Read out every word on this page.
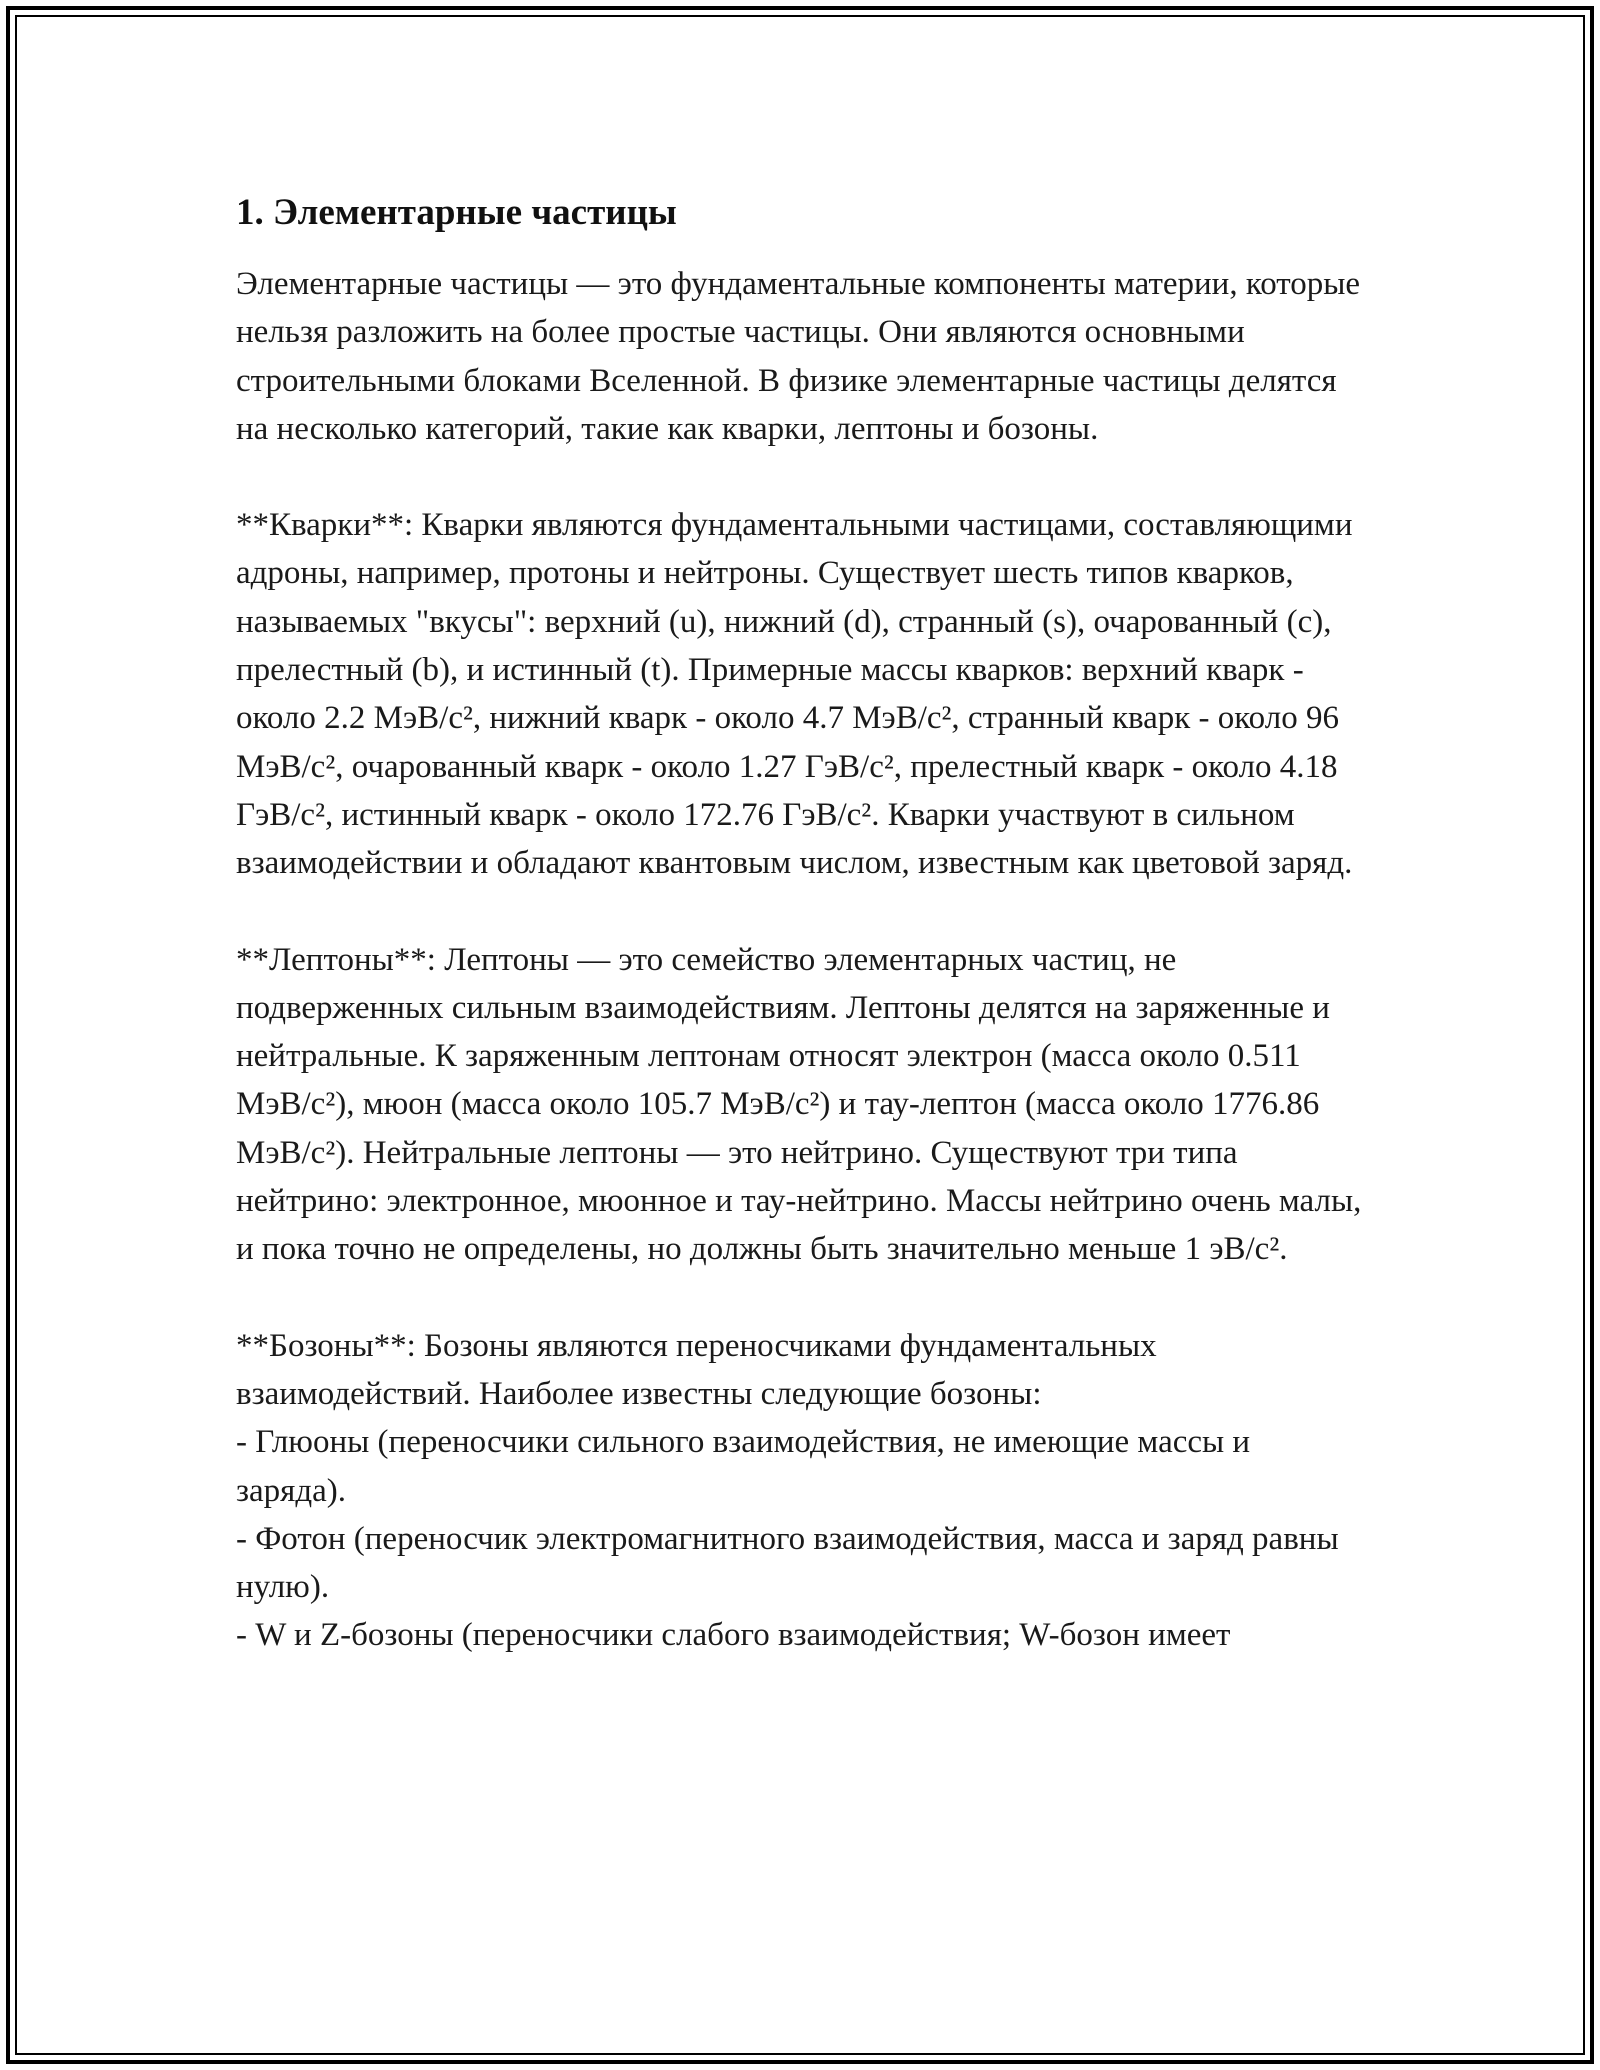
1. Элементарные частицы

Элементарные частицы — это фундаментальные компоненты материи, которые нельзя разложить на более простые частицы. Они являются основными строительными блоками Вселенной. В физике элементарные частицы делятся на несколько категорий, такие как кварки, лептоны и бозоны.

**Кварки**: Кварки являются фундаментальными частицами, составляющими адроны, например, протоны и нейтроны. Существует шесть типов кварков, называемых "вкусы": верхний (u), нижний (d), странный (s), очарованный (c), прелестный (b), и истинный (t). Примерные массы кварков: верхний кварк - около 2.2 МэВ/c², нижний кварк - около 4.7 МэВ/c², странный кварк - около 96 МэВ/c², очарованный кварк - около 1.27 ГэВ/c², прелестный кварк - около 4.18 ГэВ/c², истинный кварк - около 172.76 ГэВ/c². Кварки участвуют в сильном взаимодействии и обладают квантовым числом, известным как цветовой заряд.

**Лептоны**: Лептоны — это семейство элементарных частиц, не подверженных сильным взаимодействиям. Лептоны делятся на заряженные и нейтральные. К заряженным лептонам относят электрон (масса около 0.511 МэВ/c²), мюон (масса около 105.7 МэВ/c²) и тау-лептон (масса около 1776.86 МэВ/c²). Нейтральные лептоны — это нейтрино. Существуют три типа нейтрино: электронное, мюонное и тау-нейтрино. Массы нейтрино очень малы, и пока точно не определены, но должны быть значительно меньше 1 эВ/c².

**Бозоны**: Бозоны являются переносчиками фундаментальных взаимодействий. Наиболее известны следующие бозоны:
- Глюоны (переносчики сильного взаимодействия, не имеющие массы и заряда).
- Фотон (переносчик электромагнитного взаимодействия, масса и заряд равны нулю).
- W и Z-бозоны (переносчики слабого взаимодействия; W-бозон имеет
